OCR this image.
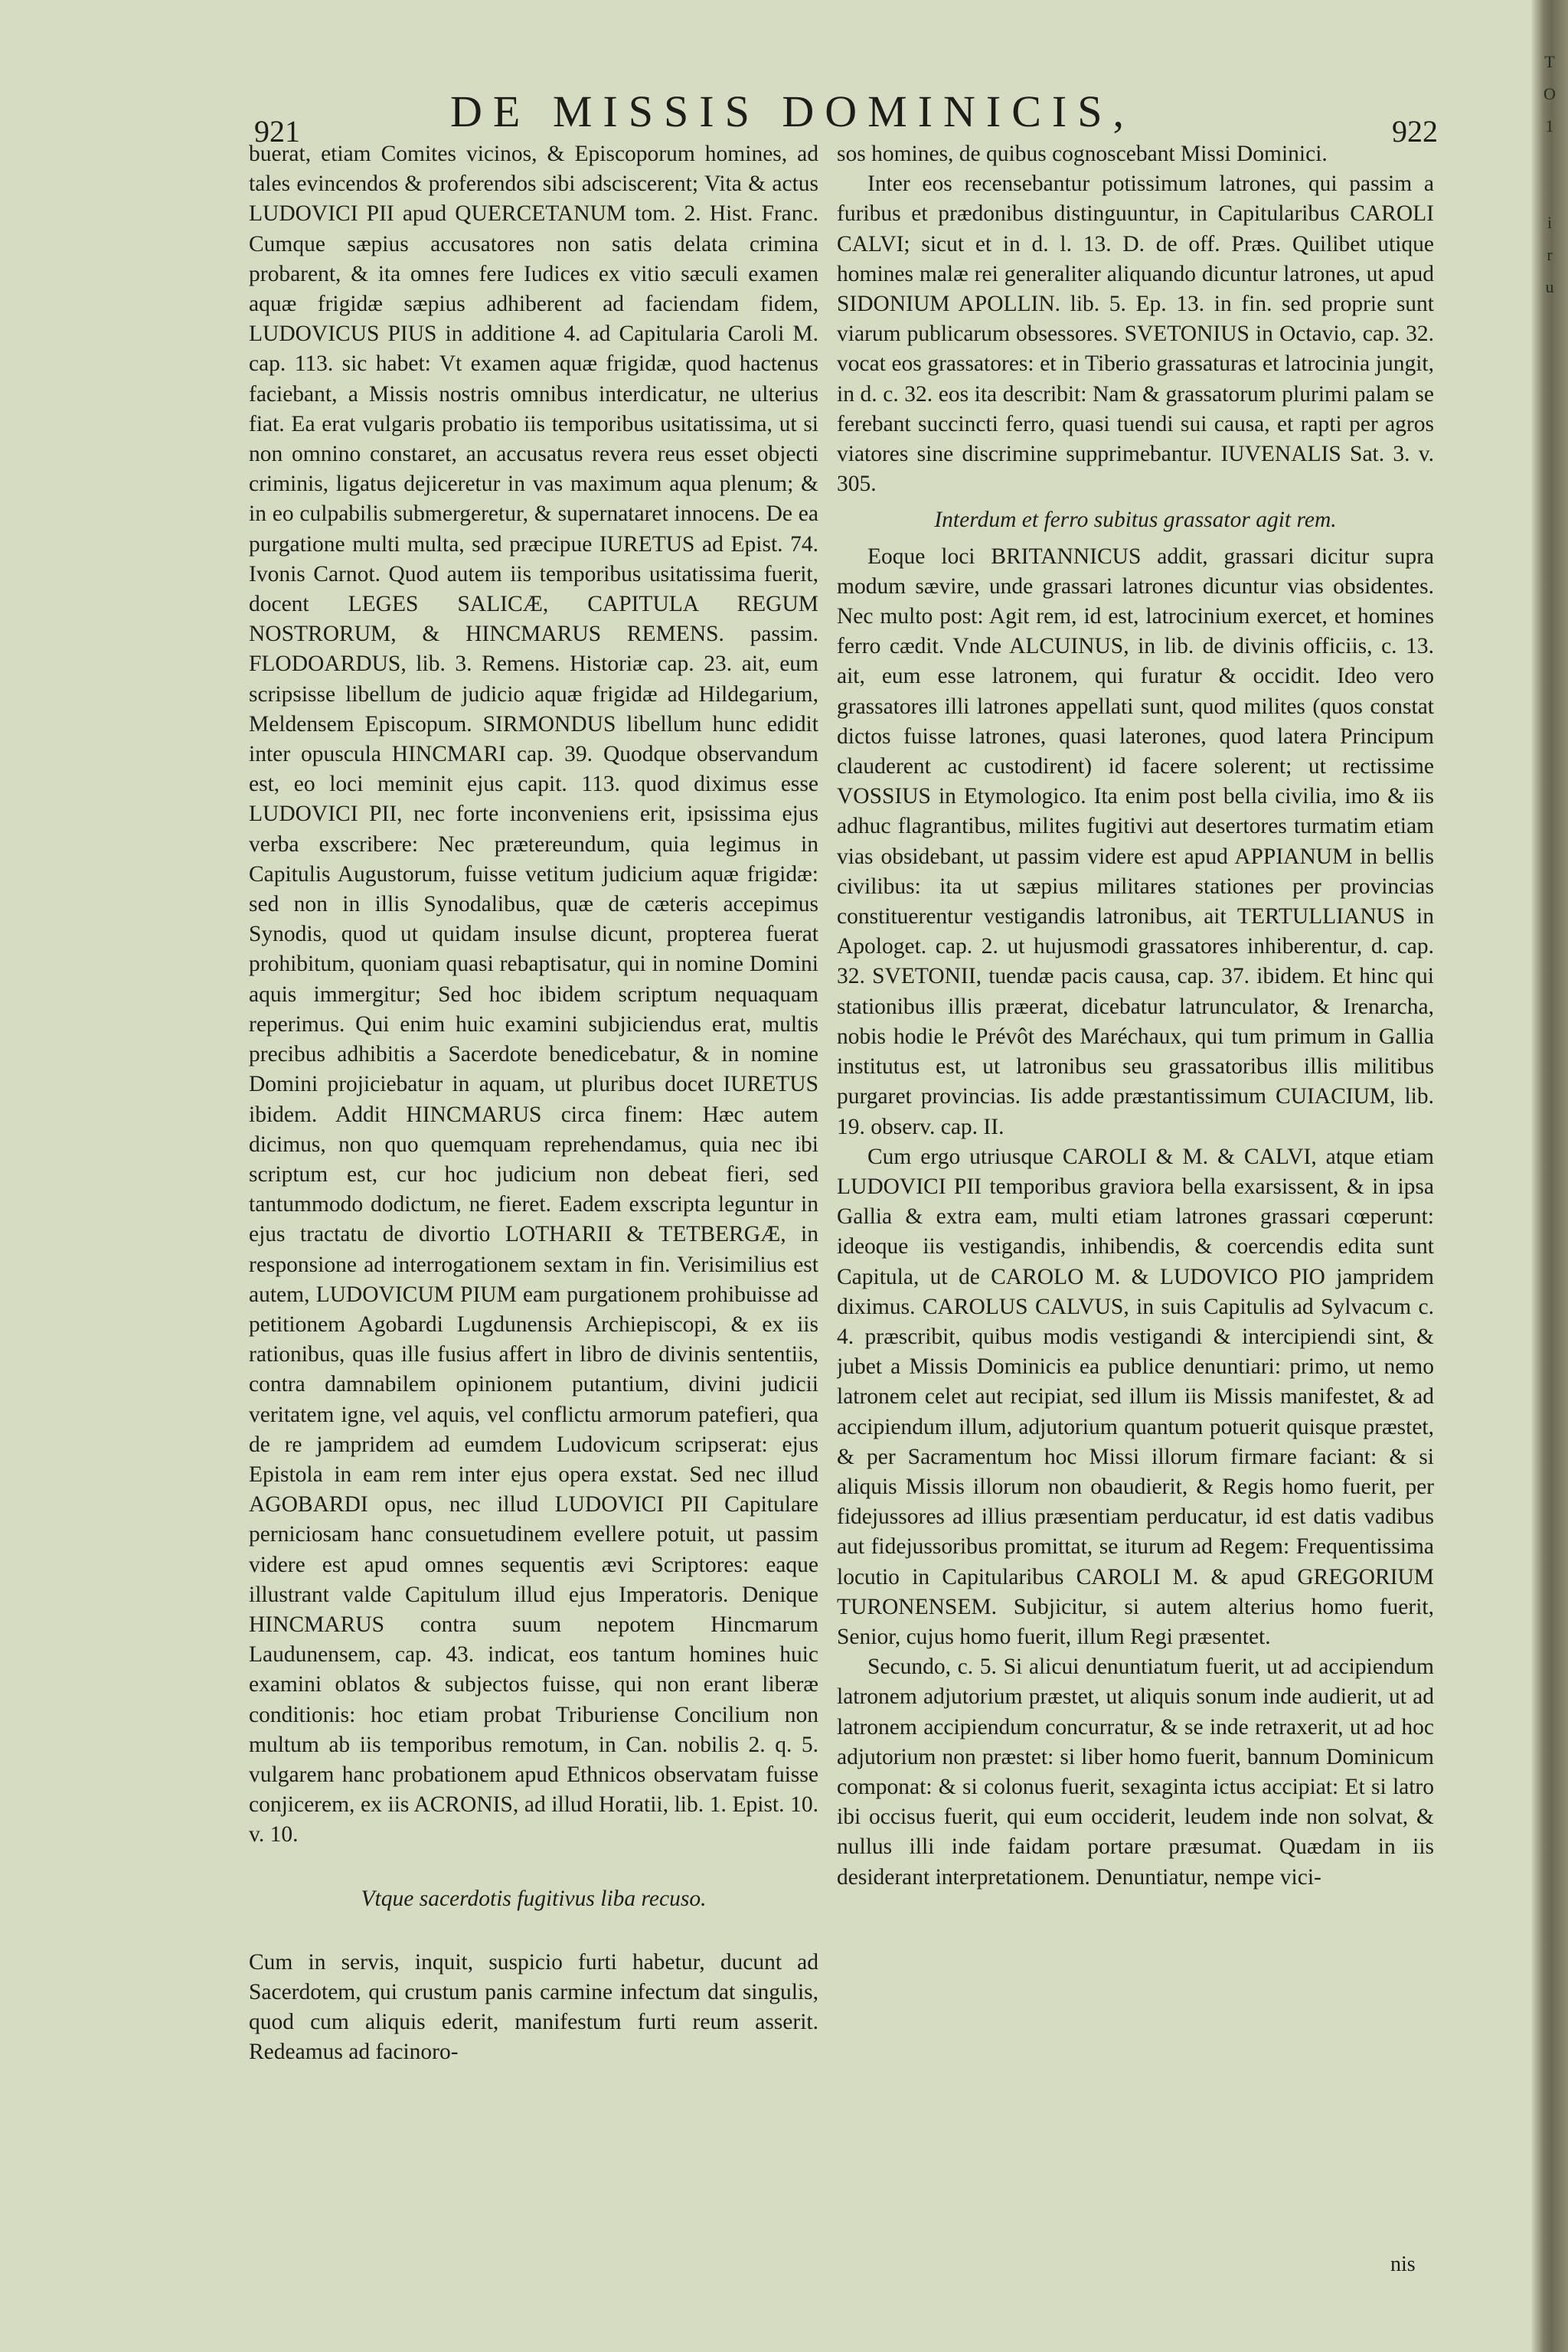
DE MISSIS DOMINICIS,
921	922

buerat, etiam Comites vicinos, & Episcoporum homines, ad tales evincendos & proferendos sibi adsciscerent; Vita & actus LUDOVICI PII apud QUERCETANUM tom. 2. Hist. Franc. Cumque sæpius accusatores non satis delata crimina probarent, & ita omnes fere Iudices ex vitio sæculi examen aquæ frigidæ sæpius adhiberent ad faciendam fidem, LUDOVICUS PIUS in additione 4. ad Capitularia Caroli M. cap. 113. sic habet: Vt examen aquæ frigidæ, quod hactenus faciebant, a Missis nostris omnibus interdicatur, ne ulterius fiat. Ea erat vulgaris probatio iis temporibus usitatissima, ut si non omnino constaret, an accusatus revera reus esset objecti criminis, ligatus dejiceretur in vas maximum aqua plenum; & in eo culpabilis submergeretur, & supernataret innocens. De ea purgatione multi multa, sed præcipue IURETUS ad Epist. 74. Ivonis Carnot. Quod autem iis temporibus usitatissima fuerit, docent LEGES SALICÆ, CAPITULA REGUM NOSTRORUM, & HINCMARUS REMENS. passim. FLODOARDUS, lib. 3. Remens. Historiæ cap. 23. ait, eum scripsisse libellum de judicio aquæ frigidæ ad Hildegarium, Meldensem Episcopum. SIRMONDUS libellum hunc edidit inter opuscula HINCMARI cap. 39. Quodque observandum est, eo loci meminit ejus capit. 113. quod diximus esse LUDOVICI PII, nec forte inconveniens erit, ipsissima ejus verba exscribere: Nec prætereundum, quia legimus in Capitulis Augustorum, fuisse vetitum judicium aquæ frigidæ: sed non in illis Synodalibus, quæ de cæteris accepimus Synodis, quod ut quidam insulse dicunt, propterea fuerat prohibitum, quoniam quasi rebaptisatur, qui in nomine Domini aquis immergitur; Sed hoc ibidem scriptum nequaquam reperimus. Qui enim huic examini subjiciendus erat, multis precibus adhibitis a Sacerdote benedicebatur, & in nomine Domini projiciebatur in aquam, ut pluribus docet IURETUS ibidem. Addit HINCMARUS circa finem: Hæc autem dicimus, non quo quemquam reprehendamus, quia nec ibi scriptum est, cur hoc judicium non debeat fieri, sed tantummodo dodictum, ne fieret. Eadem exscripta leguntur in ejus tractatu de divortio LOTHARII & TETBERGÆ, in responsione ad interrogationem sextam in fin. Verisimilius est autem, LUDOVICUM PIUM eam purgationem prohibuisse ad petitionem Agobardi Lugdunensis Archiepiscopi, & ex iis rationibus, quas ille fusius affert in libro de divinis sententiis, contra damnabilem opinionem putantium, divini judicii veritatem igne, vel aquis, vel conflictu armorum patefieri, qua de re jampridem ad eumdem Ludovicum scripserat: ejus Epistola in eam rem inter ejus opera exstat. Sed nec illud AGOBARDI opus, nec illud LUDOVICI PII Capitulare perniciosam hanc consuetudinem evellere potuit, ut passim videre est apud omnes sequentis ævi Scriptores: eaque illustrant valde Capitulum illud ejus Imperatoris. Denique HINCMARUS contra suum nepotem Hincmarum Laudunensem, cap. 43. indicat, eos tantum homines huic examini oblatos & subjectos fuisse, qui non erant liberæ conditionis: hoc etiam probat Triburiense Concilium non multum ab iis temporibus remotum, in Can. nobilis 2. q. 5. vulgarem hanc probationem apud Ethnicos observatam fuisse conjicerem, ex iis ACRONIS, ad illud Horatii, lib. 1. Epist. 10. v. 10.

Vtque sacerdotis fugitivus liba recuso.

Cum in servis, inquit, suspicio furti habetur, ducunt ad Sacerdotem, qui crustum panis carmine infectum dat singulis, quod cum aliquis ederit, manifestum furti reum asserit. Redeamus ad facinoro-

sos homines, de quibus cognoscebant Missi Dominici.

Inter eos recensebantur potissimum latrones, qui passim a furibus et prædonibus distinguuntur, in Capitularibus CAROLI CALVI; sicut et in d. l. 13. D. de off. Præs. Quilibet utique homines malæ rei generaliter aliquando dicuntur latrones, ut apud SIDONIUM APOLLIN. lib. 5. Ep. 13. in fin. sed proprie sunt viarum publicarum obsessores. SVETONIUS in Octavio, cap. 32. vocat eos grassatores: et in Tiberio grassaturas et latrocinia jungit, in d. c. 32. eos ita describit: Nam & grassatorum plurimi palam se ferebant succincti ferro, quasi tuendi sui causa, et rapti per agros viatores sine discrimine supprimebantur. IUVENALIS Sat. 3. v. 305.

Interdum et ferro subitus grassator agit rem.

Eoque loci BRITANNICUS addit, grassari dicitur supra modum sævire, unde grassari latrones dicuntur vias obsidentes. Nec multo post: Agit rem, id est, latrocinium exercet, et homines ferro cædit. Vnde ALCUINUS, in lib. de divinis officiis, c. 13. ait, eum esse latronem, qui furatur & occidit. Ideo vero grassatores illi latrones appellati sunt, quod milites (quos constat dictos fuisse latrones, quasi laterones, quod latera Principum clauderent ac custodirent) id facere solerent; ut rectissime VOSSIUS in Etymologico. Ita enim post bella civilia, imo & iis adhuc flagrantibus, milites fugitivi aut desertores turmatim etiam vias obsidebant, ut passim videre est apud APPIANUM in bellis civilibus: ita ut sæpius militares stationes per provincias constituerentur vestigandis latronibus, ait TERTULLIANUS in Apologet. cap. 2. ut hujusmodi grassatores inhiberentur, d. cap. 32. SVETONII, tuendæ pacis causa, cap. 37. ibidem. Et hinc qui stationibus illis præerat, dicebatur latrunculator, & Irenarcha, nobis hodie le Prévôt des Maréchaux, qui tum primum in Gallia institutus est, ut latronibus seu grassatoribus illis militibus purgaret provincias. Iis adde præstantissimum CUIACIUM, lib. 19. observ. cap. II.

Cum ergo utriusque CAROLI & M. & CALVI, atque etiam LUDOVICI PII temporibus graviora bella exarsissent, & in ipsa Gallia & extra eam, multi etiam latrones grassari cœperunt: ideoque iis vestigandis, inhibendis, & coercendis edita sunt Capitula, ut de CAROLO M. & LUDOVICO PIO jampridem diximus. CAROLUS CALVUS, in suis Capitulis ad Sylvacum c. 4. præscribit, quibus modis vestigandi & intercipiendi sint, & jubet a Missis Dominicis ea publice denuntiari: primo, ut nemo latronem celet aut recipiat, sed illum iis Missis manifestet, & ad accipiendum illum, adjutorium quantum potuerit quisque præstet, & per Sacramentum hoc Missi illorum firmare faciant: & si aliquis Missis illorum non obaudierit, & Regis homo fuerit, per fidejussores ad illius præsentiam perducatur, id est datis vadibus aut fidejussoribus promittat, se iturum ad Regem: Frequentissima locutio in Capitularibus CAROLI M. & apud GREGORIUM TURONENSEM. Subjicitur, si autem alterius homo fuerit, Senior, cujus homo fuerit, illum Regi præsentet.

Secundo, c. 5. Si alicui denuntiatum fuerit, ut ad accipiendum latronem adjutorium præstet, ut aliquis sonum inde audierit, ut ad latronem accipiendum concurratur, & se inde retraxerit, ut ad hoc adjutorium non præstet: si liber homo fuerit, bannum Dominicum componat: & si colonus fuerit, sexaginta ictus accipiat: Et si latro ibi occisus fuerit, qui eum occiderit, leudem inde non solvat, & nullus illi inde faidam portare præsumat. Quædam in iis desiderant interpretationem. Denuntiatur, nempe vici-

nis
T
O
1

i
r
u
